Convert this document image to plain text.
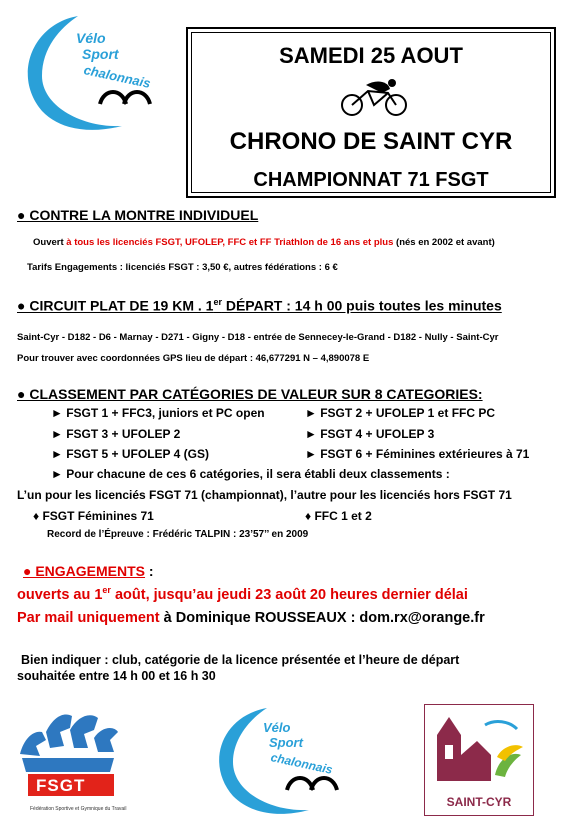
Vélo
Sport
chalonnais
SAMEDI 25 AOUT
CHRONO DE SAINT CYR
CHAMPIONNAT 71 FSGT
● CONTRE LA MONTRE INDIVIDUEL
Ouvert à tous les licenciés FSGT, UFOLEP, FFC et FF Triathlon de 16 ans et plus (nés en 2002 et avant)
Tarifs Engagements : licenciés FSGT : 3,50 €, autres fédérations : 6 €
● CIRCUIT PLAT DE 19 KM . 1er DÉPART : 14 h 00 puis toutes les minutes
Saint-Cyr - D182 - D6 - Marnay - D271 - Gigny - D18 - entrée de Sennecey-le-Grand - D182 - Nully - Saint-Cyr
Pour trouver avec coordonnées GPS lieu de départ : 46,677291 N – 4,890078 E
● CLASSEMENT PAR CATÉGORIES DE VALEUR SUR 8 CATEGORIES:
► FSGT 1 + FFC3, juniors et PC open	► FSGT 2 + UFOLEP 1 et FFC PC
► FSGT 3 + UFOLEP 2	► FSGT 4 + UFOLEP 3
► FSGT 5 + UFOLEP 4 (GS)	► FSGT 6 + Féminines extérieures à 71
► Pour chacune de ces 6 catégories, il sera établi deux classements :
L’un pour les licenciés FSGT 71 (championnat), l’autre pour les licenciés hors FSGT 71
♦ FSGT Féminines 71	♦ FFC 1 et 2
Record de l’Épreuve : Frédéric TALPIN : 23’57’’ en 2009
● ENGAGEMENTS :
ouverts au 1er août, jusqu’au jeudi 23 août 20 heures dernier délai
Par mail uniquement à Dominique ROUSSEAUX : dom.rx@orange.fr
Bien indiquer : club, catégorie de la licence présentée et l’heure de départ
souhaitée entre 14 h 00 et 16 h 30
FSGT
Fédération Sportive et Gymnique du Travail
Vélo
Sport
chalonnais
SAINT-CYR
